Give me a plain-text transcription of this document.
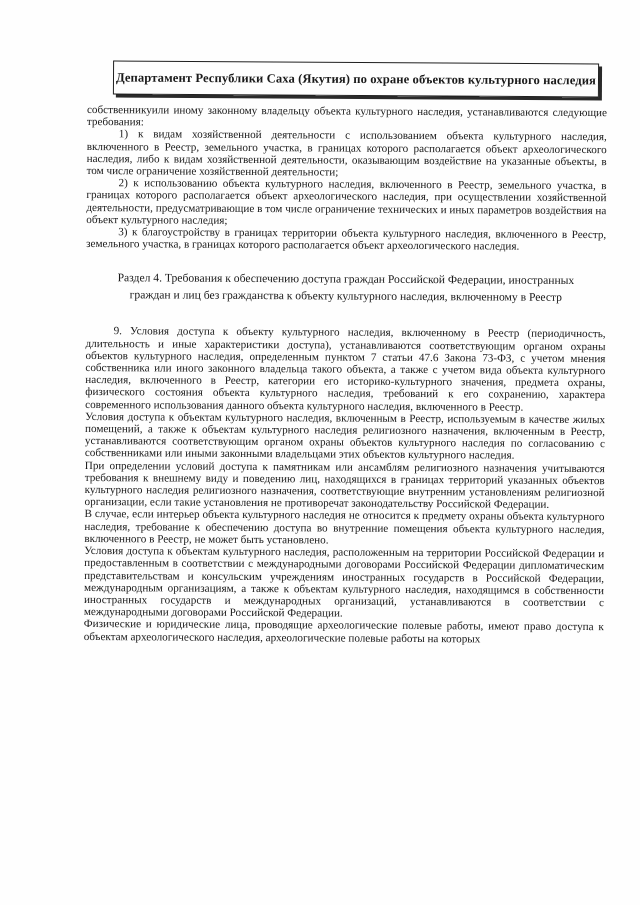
Департамент Республики Саха (Якутия) по охране объектов культурного наследия

собственникуили иному законному владельцу объекта культурного наследия, устанавливаются следующие требования:

1) к видам хозяйственной деятельности с использованием объекта культурного наследия, включенного в Реестр, земельного участка, в границах которого располагается объект археологического наследия, либо к видам хозяйственной деятельности, оказывающим воздействие на указанные объекты, в том числе ограничение хозяйственной деятельности;

2) к использованию объекта культурного наследия, включенного в Реестр, земельного участка, в границах которого располагается объект археологического наследия, при осуществлении хозяйственной деятельности, предусматривающие в том числе ограничение технических и иных параметров воздействия на объект культурного наследия;

3) к благоустройству в границах территории объекта культурного наследия, включенного в Реестр, земельного участка, в границах которого располагается объект археологического наследия.

Раздел 4. Требования к обеспечению доступа граждан Российской Федерации, иностранных граждан и лиц без гражданства к объекту культурного наследия, включенному в Реестр

9. Условия доступа к объекту культурного наследия, включенному в Реестр (периодичность, длительность и иные характеристики доступа), устанавливаются соответствующим органом охраны объектов культурного наследия, определенным пунктом 7 статьи 47.6 Закона 73-ФЗ, с учетом мнения собственника или иного законного владельца такого объекта, а также с учетом вида объекта культурного наследия, включенного в Реестр, категории его историко-культурного значения, предмета охраны, физического состояния объекта культурного наследия, требований к его сохранению, характера современного использования данного объекта культурного наследия, включенного в Реестр.

Условия доступа к объектам культурного наследия, включенным в Реестр, используемым в качестве жилых помещений, а также к объектам культурного наследия религиозного назначения, включенным в Реестр, устанавливаются соответствующим органом охраны объектов культурного наследия по согласованию с собственниками или иными законными владельцами этих объектов культурного наследия.

При определении условий доступа к памятникам или ансамблям религиозного назначения учитываются требования к внешнему виду и поведению лиц, находящихся в границах территорий указанных объектов культурного наследия религиозного назначения, соответствующие внутренним установлениям религиозной организации, если такие установления не противоречат законодательству Российской Федерации.

В случае, если интерьер объекта культурного наследия не относится к предмету охраны объекта культурного наследия, требование к обеспечению доступа во внутренние помещения объекта культурного наследия, включенного в Реестр, не может быть установлено.

Условия доступа к объектам культурного наследия, расположенным на территории Российской Федерации и предоставленным в соответствии с международными договорами Российской Федерации дипломатическим представительствам и консульским учреждениям иностранных государств в Российской Федерации, международным организациям, а также к объектам культурного наследия, находящимся в собственности иностранных государств и международных организаций, устанавливаются в соответствии с международными договорами Российской Федерации.

Физические и юридические лица, проводящие археологические полевые работы, имеют право доступа к объектам археологического наследия, археологические полевые работы на которых
